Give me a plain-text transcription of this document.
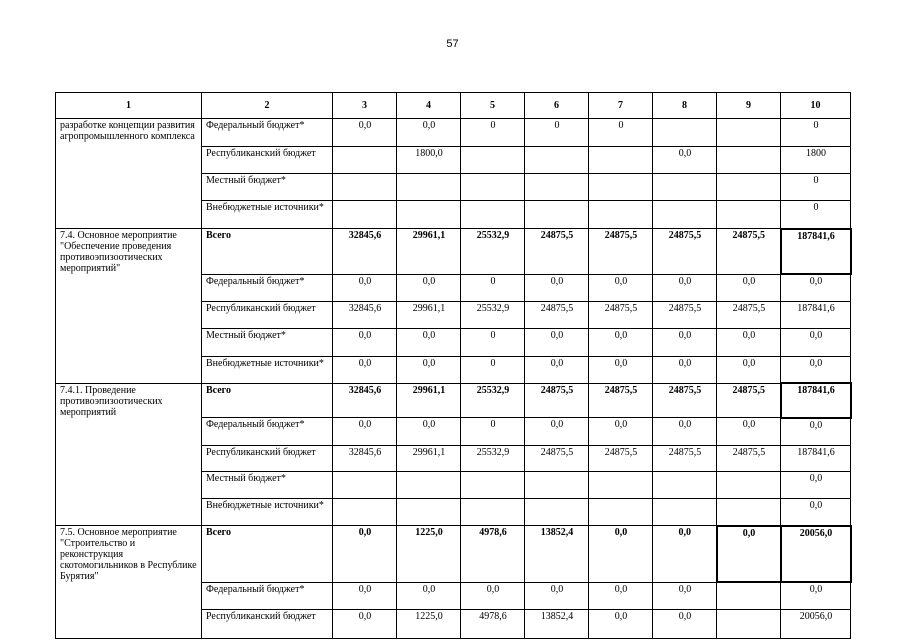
57
1	2	3	4	5	6	7	8	9	10
разработке концепции развития агропромышленного комплекса	Федеральный бюджет*	0,0	0,0	0	0	0			0
	Республиканский бюджет		1800,0				0,0		1800
	Местный бюджет*								0
	Внебюджетные источники*								0
7.4. Основное мероприятие "Обеспечение проведения противоэпизоотических мероприятий"	Всего	32845,6	29961,1	25532,9	24875,5	24875,5	24875,5	24875,5	187841,6
	Федеральный бюджет*	0,0	0,0	0	0,0	0,0	0,0	0,0	0,0
	Республиканский бюджет	32845,6	29961,1	25532,9	24875,5	24875,5	24875,5	24875,5	187841,6
	Местный бюджет*	0,0	0,0	0	0,0	0,0	0,0	0,0	0,0
	Внебюджетные источники*	0,0	0,0	0	0,0	0,0	0,0	0,0	0,0
7.4.1. Проведение противоэпизоотических мероприятий	Всего	32845,6	29961,1	25532,9	24875,5	24875,5	24875,5	24875,5	187841,6
	Федеральный бюджет*	0,0	0,0	0	0,0	0,0	0,0	0,0	0,0
	Республиканский бюджет	32845,6	29961,1	25532,9	24875,5	24875,5	24875,5	24875,5	187841,6
	Местный бюджет*								0,0
	Внебюджетные источники*								0,0
7.5. Основное мероприятие "Строительство и реконструкция скотомогильников в Республике Бурятия"	Всего	0,0	1225,0	4978,6	13852,4	0,0	0,0	0,0	20056,0
	Федеральный бюджет*	0,0	0,0	0,0	0,0	0,0	0,0		0,0
	Республиканский бюджет	0,0	1225,0	4978,6	13852,4	0,0	0,0		20056,0
